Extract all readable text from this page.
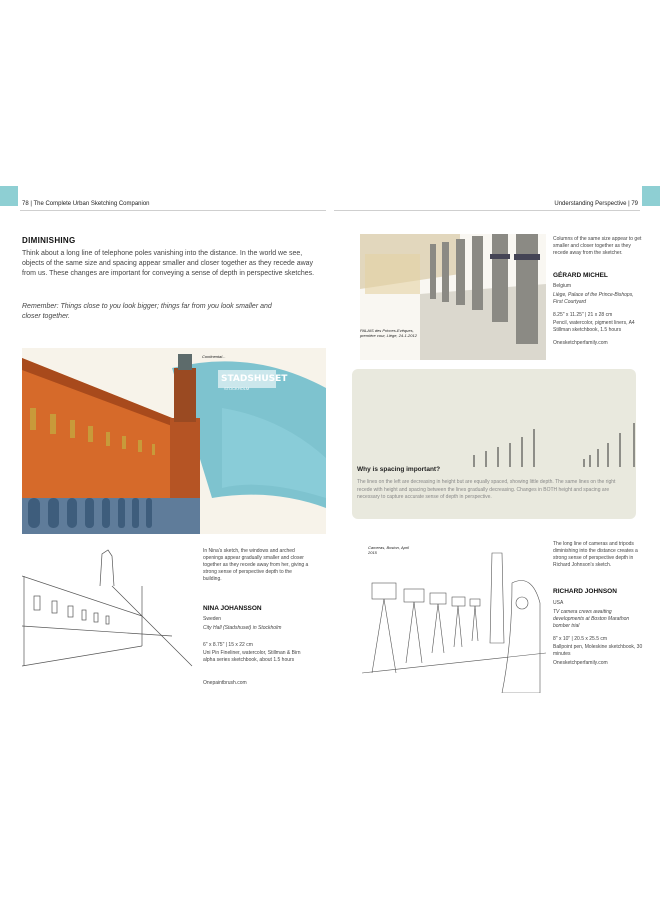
78 | The Complete Urban Sketching Companion	Understanding Perspective | 79
DIMINISHING
Think about a long line of telephone poles vanishing into the distance. In the world we see, objects of the same size and spacing appear smaller and closer together as they recede away from us. These changes are important for conveying a sense of depth in perspective sketches.
Remember: Things close to you look bigger; things far from you look smaller and closer together.
STADSHUSET
STOCKHOLM
Continental...
In Nina's sketch, the windows and arched openings appear gradually smaller and closer together as they recede away from her, giving a strong sense of perspective depth to the building.
NINA JOHANSSON
Sweden
City Hall (Stadshuset) in Stockholm
6" x 8.75" | 15 x 22 cm
Uni Pin Fineliner, watercolor, Stillman & Birn alpha series sketchbook, about 1.5 hours
Onepaintbrush.com
PALAIS des Princes-Evêques, première cour, Liège, 24-1-2012
Columns of the same size appear to get smaller and closer together as they recede away from the sketcher.
GÉRARD MICHEL
Belgium
Liège, Palace of the Prince-Bishops, First Courtyard
8.25" x 11.25" | 21 x 28 cm
Pencil, watercolor, pigment liners, A4 Stillman sketchbook, 1.5 hours
Onesketchperfamily.com
Why is spacing important?
The lines on the left are decreasing in height but are equally spaced, showing little depth. The same lines on the right recede with height and spacing between the lines gradually decreasing. Changes in BOTH height and spacing are necessary to capture accurate sense of depth in perspective.
Cameras, Boston, April 2015
The long line of cameras and tripods diminishing into the distance creates a strong sense of perspective depth in Richard Johnson's sketch.
RICHARD JOHNSON
USA
TV camera crews awaiting developments at Boston Marathon bomber trial
8" x 10" | 20.5 x 25.5 cm
Ballpoint pen, Moleskine sketchbook, 30 minutes
Onesketchperfamily.com
